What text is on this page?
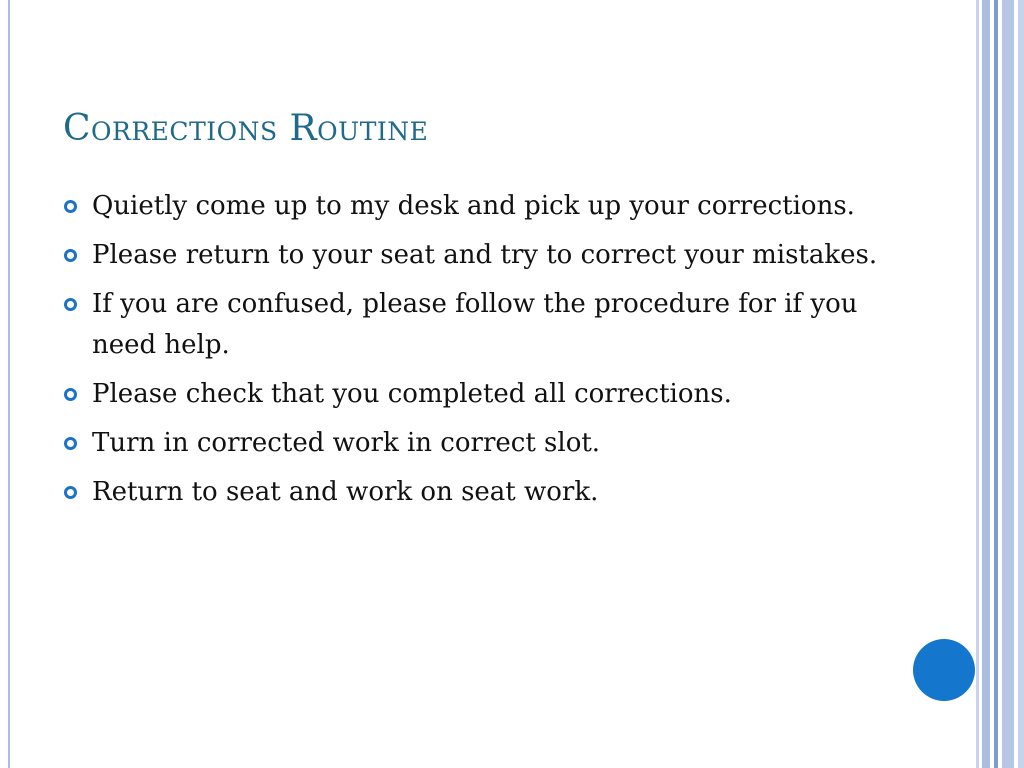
Corrections Routine
Quietly come up to my desk and pick up your corrections.
Please return to your seat and try to correct your mistakes.
If you are confused, please follow the procedure for if you need help.
Please check that you completed all corrections.
Turn in corrected work in correct slot.
Return to seat and work on seat work.
